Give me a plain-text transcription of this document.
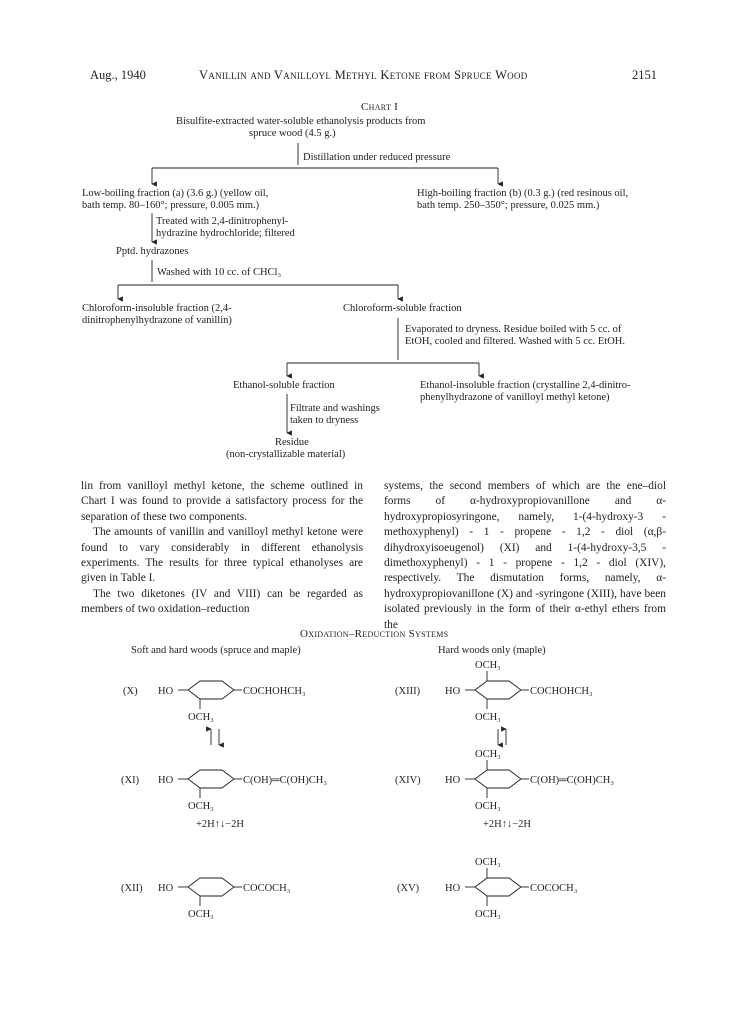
Aug., 1940	Vanillin and Vanilloyl Methyl Ketone from Spruce Wood	2151
Chart I
Bisulfite-extracted water-soluble ethanolysis products from
spruce wood (4.5 g.)
Distillation under reduced pressure
Low-boiling fraction (a) (3.6 g.) (yellow oil,
bath temp. 80–160°; pressure, 0.005 mm.)
High-boiling fraction (b) (0.3 g.) (red resinous oil,
bath temp. 250–350°; pressure, 0.025 mm.)
Treated with 2,4-dinitrophenyl-
hydrazine hydrochloride; filtered
Pptd. hydrazones
Washed with 10 cc. of CHCl₃
Chloroform-insoluble fraction (2,4-
dinitrophenylhydrazone of vanillin)
Chloroform-soluble fraction
Evaporated to dryness. Residue boiled with 5 cc. of
EtOH, cooled and filtered. Washed with 5 cc. EtOH.
Ethanol-soluble fraction	Ethanol-insoluble fraction (crystalline 2,4-dinitro-
phenylhydrazone of vanilloyl methyl ketone)
Filtrate and washings
taken to dryness
Residue
(non-crystallizable material)

lin from vanilloyl methyl ketone, the scheme outlined in Chart I was found to provide a satisfactory process for the separation of these two components.

The amounts of vanillin and vanilloyl methyl ketone were found to vary considerably in different ethanolysis experiments. The results for three typical ethanolyses are given in Table I.

The two diketones (IV and VIII) can be regarded as members of two oxidation–reduction

systems, the second members of which are the ene–diol forms of α-hydroxypropiovanillone and α-hydroxypropiosyringone, namely, 1-(4-hydroxy-3 - methoxyphenyl) - 1 - propene - 1,2 - diol (α,β-dihydroxyisoeugenol) (XI) and 1-(4-hydroxy-3,5 - dimethoxyphenyl) - 1 - propene - 1,2 - diol (XIV), respectively. The dismutation forms, namely, α-hydroxypropiovanillone (X) and -syringone (XIII), have been isolated previously in the form of their α-ethyl ethers from the

Oxidation–Reduction Systems
Soft and hard woods (spruce and maple)	Hard woods only (maple)
(X) HO	COCHOHCH₃
OCH₃
(XI) HO	C(OH)═C(OH)CH₃
OCH₃
+2H↑↓−2H
(XII) HO	COCOCH₃
OCH₃
OCH₃
(XIII) HO	COCHOHCH₃
OCH₃
OCH₃
(XIV) HO	C(OH)═C(OH)CH₃
OCH₃
+2H↑↓−2H
OCH₃
(XV) HO	COCOCH₃
OCH₃
